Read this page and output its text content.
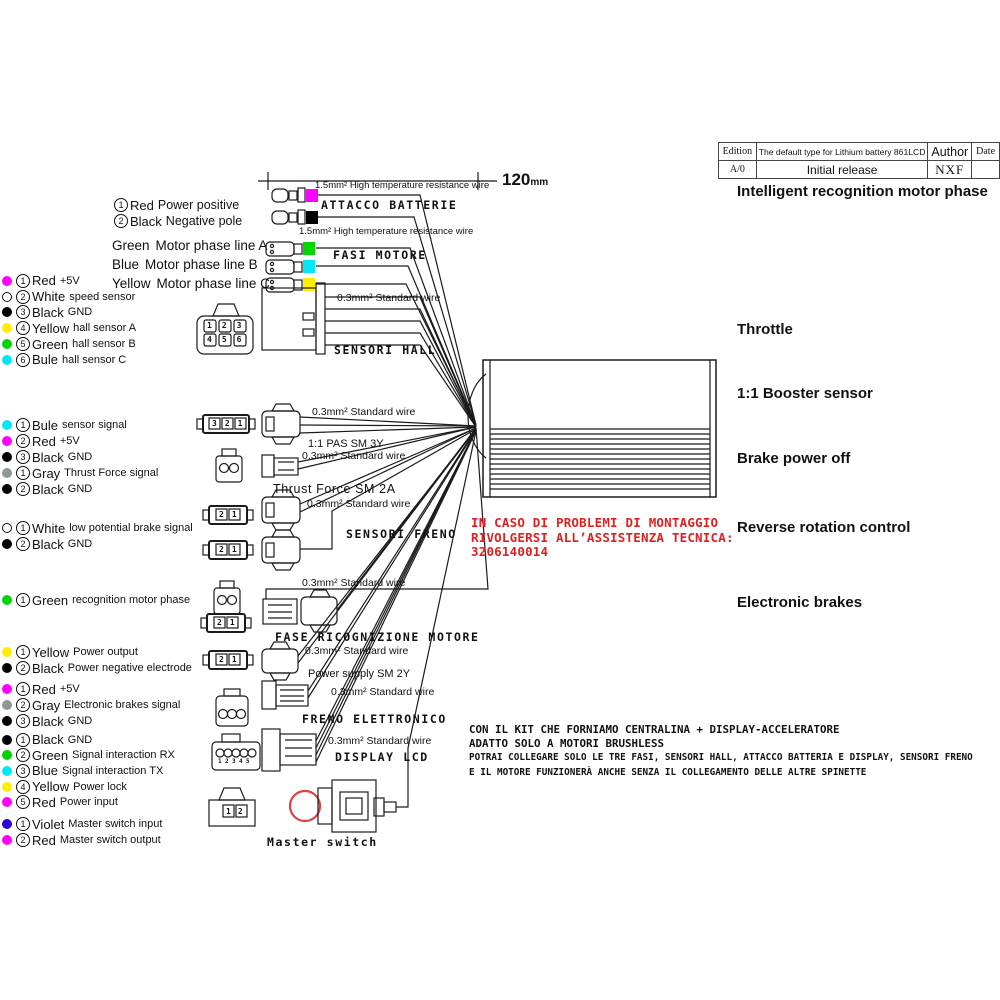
Edition	The default type for Lithium battery 861LCD	Author	Date
A/0	Initial release	NXF	
120mm
1 Red Power positive
2 Black Negative pole
Green Motor phase line A
Blue Motor phase line B
Yellow Motor phase line C
1 Red +5V
2 White speed sensor
3 Black GND
4 Yellow hall sensor A
5 Green hall sensor B
6 Bule hall sensor C
1 Bule sensor signal
2 Red +5V
3 Black GND
1 Gray Thrust Force signal
2 Black GND
1 White low potential brake signal
2 Black GND
1 Green recognition motor phase
1 Yellow Power output
2 Black Power negative electrode
1 Red +5V
2 Gray Electronic brakes signal
3 Black GND
1 Black GND
2 Green Signal interaction RX
3 Blue Signal interaction TX
4 Yellow Power lock
5 Red Power input
1 Violet Master switch input
2 Red Master switch output
1.5mm² High temperature resistance wire
ATTACCO BATTERIE
1.5mm² High temperature resistance wire
FASI MOTORE
0.3mm² Standard wire
SENSORI HALL
0.3mm² Standard wire
1:1 PAS SM 3Y
0.3mm² Standard wire
Thrust Force SM 2A
0.3mm² Standard wire
SENSORI FRENO
0.3mm² Standard wire
FASE RICOGNIZIONE MOTORE
0.3mm² Standard wire
Power supply SM 2Y
0.3mm² Standard wire
FRENO ELETTRONICO
0.3mm² Standard wire
DISPLAY LCD
Master switch
123
456
321
21
21
21
21
12345
12
IN CASO DI PROBLEMI DI MONTAGGIO
RIVOLGERSI ALL’ASSISTENZA TECNICA:
3206140014
CON IL KIT CHE FORNIAMO CENTRALINA + DISPLAY-ACCELERATORE
ADATTO SOLO A MOTORI BRUSHLESS
POTRAI COLLEGARE SOLO LE TRE FASI, SENSORI HALL, ATTACCO BATTERIA E DISPLAY, SENSORI FRENO
E IL MOTORE FUNZIONERÀ ANCHE SENZA IL COLLEGAMENTO DELLE ALTRE SPINETTE
Intelligent recognition motor phase
Throttle
1:1 Booster sensor
Brake power off
Reverse rotation control
Electronic brakes
